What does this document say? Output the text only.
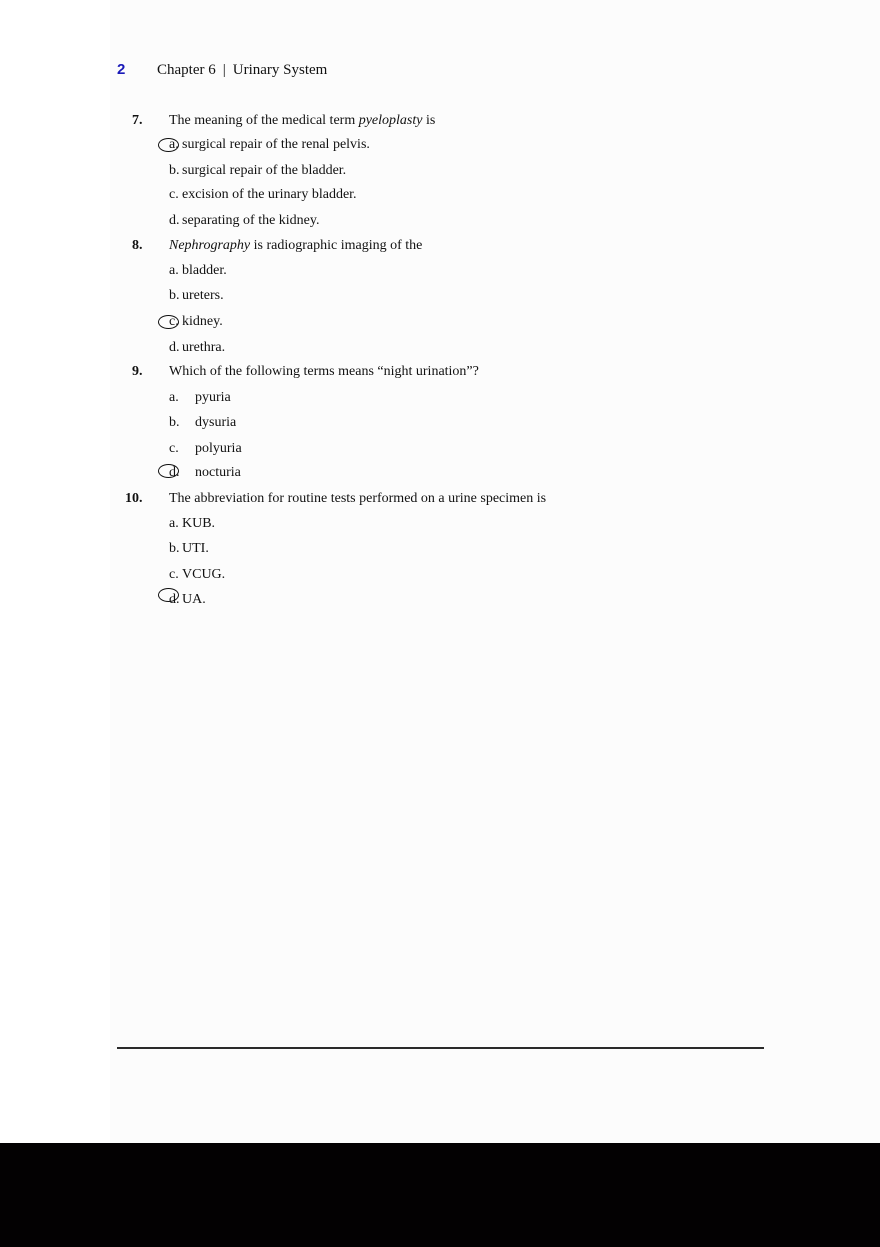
2 Chapter 6 | Urinary System
7. The meaning of the medical term pyeloplasty is
a. surgical repair of the renal pelvis.
b. surgical repair of the bladder.
c. excision of the urinary bladder.
d. separating of the kidney.
8. Nephrography is radiographic imaging of the
a. bladder.
b. ureters.
c. kidney.
d. urethra.
9. Which of the following terms means “night urination”?
a. pyuria
b. dysuria
c. polyuria
d. nocturia
10. The abbreviation for routine tests performed on a urine specimen is
a. KUB.
b. UTI.
c. VCUG.
d. UA.
